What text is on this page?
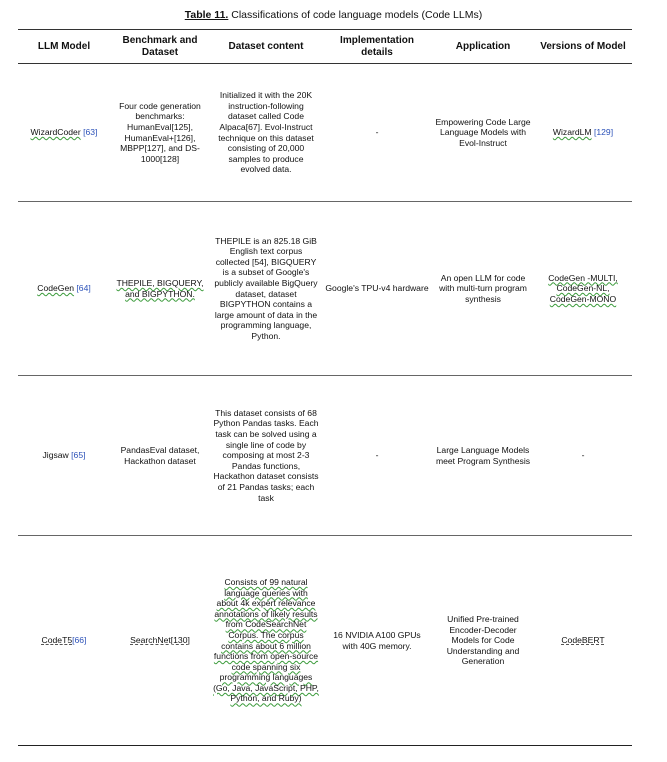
Table 11. Classifications of code language models (Code LLMs)
LLM Model	Benchmark and Dataset	Dataset content	Implementation details	Application	Versions of Model
WizardCoder [63]	Four code generation benchmarks: HumanEval[125], HumanEval+[126], MBPP[127], and DS-1000[128]	Initialized it with the 20K instruction-following dataset called Code Alpaca[67]. Evol-Instruct technique on this dataset consisting of 20,000 samples to produce evolved data.	-	Empowering Code Large Language Models with Evol-Instruct	WizardLM [129]
CodeGen [64]	THEPILE, BIGQUERY, and BIGPYTHON.	THEPILE is an 825.18 GiB English text corpus collected [54], BIGQUERY is a subset of Google's publicly available BigQuery dataset, dataset BIGPYTHON contains a large amount of data in the programming language, Python.	Google's TPU-v4 hardware	An open LLM for code with multi-turn program synthesis	CodeGen -MULTI, CodeGen-NL, CodeGen-MONO
Jigsaw [65]	PandasEval dataset, Hackathon dataset	This dataset consists of 68 Python Pandas tasks. Each task can be solved using a single line of code by composing at most 2-3 Pandas functions, Hackathon dataset consists of 21 Pandas tasks; each task	-	Large Language Models meet Program Synthesis	-
CodeT5[66]	SearchNet[130]	Consists of 99 natural language queries with about 4k expert relevance annotations of likely results from CodeSearchNet Corpus. The corpus contains about 6 million functions from open-source code spanning six programming languages (Go, Java, JavaScript, PHP, Python, and Ruby)	16 NVIDIA A100 GPUs with 40G memory.	Unified Pre-trained Encoder-Decoder Models for Code Understanding and Generation	CodeBERT
